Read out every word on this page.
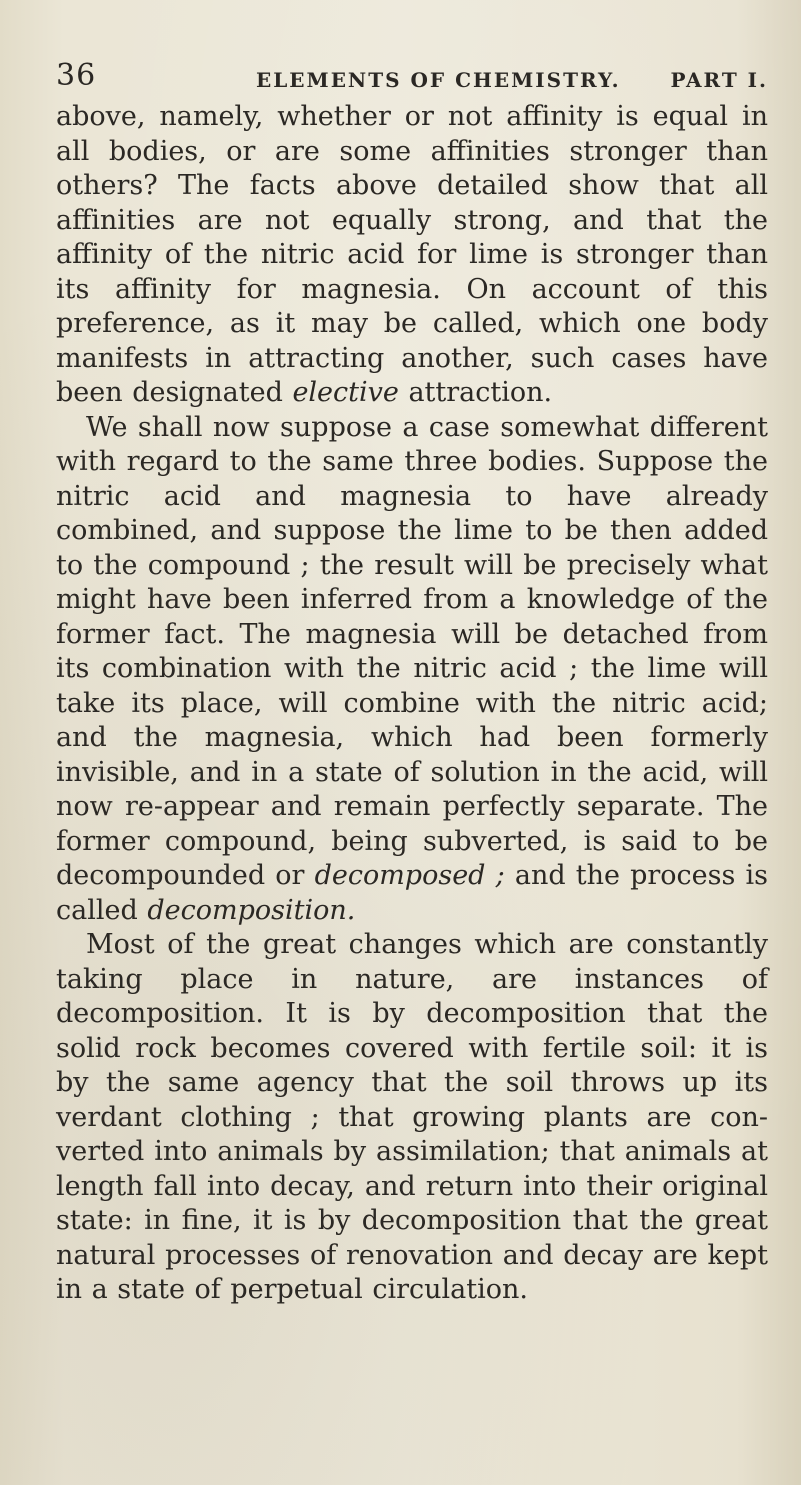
36	ELEMENTS OF CHEMISTRY. PART I.

above, namely, whether or not affinity is equal in all bodies, or are some affinities stronger than others? The facts above detailed show that all affinities are not equally strong, and that the affinity of the nitric acid for lime is stronger than its affinity for magnesia. On account of this preference, as it may be called, which one body manifests in attracting another, such cases have been designated elective attraction.

We shall now suppose a case somewhat different with regard to the same three bodies. Suppose the nitric acid and magnesia to have already combined, and suppose the lime to be then added to the compound ; the result will be precisely what might have been inferred from a knowledge of the former fact. The magnesia will be detached from its combination with the nitric acid ; the lime will take its place, will combine with the nitric acid; and the magnesia, which had been formerly invisible, and in a state of solution in the acid, will now re-appear and remain perfectly separate. The former compound, being subverted, is said to be decompounded or decomposed ; and the process is called decomposition.

Most of the great changes which are constantly taking place in nature, are instances of decomposition. It is by decomposition that the solid rock becomes covered with fertile soil: it is by the same agency that the soil throws up its verdant clothing ; that growing plants are con-verted into animals by assimilation; that animals at length fall into decay, and return into their original state: in fine, it is by decomposition that the great natural processes of renovation and decay are kept in a state of perpetual circulation.
